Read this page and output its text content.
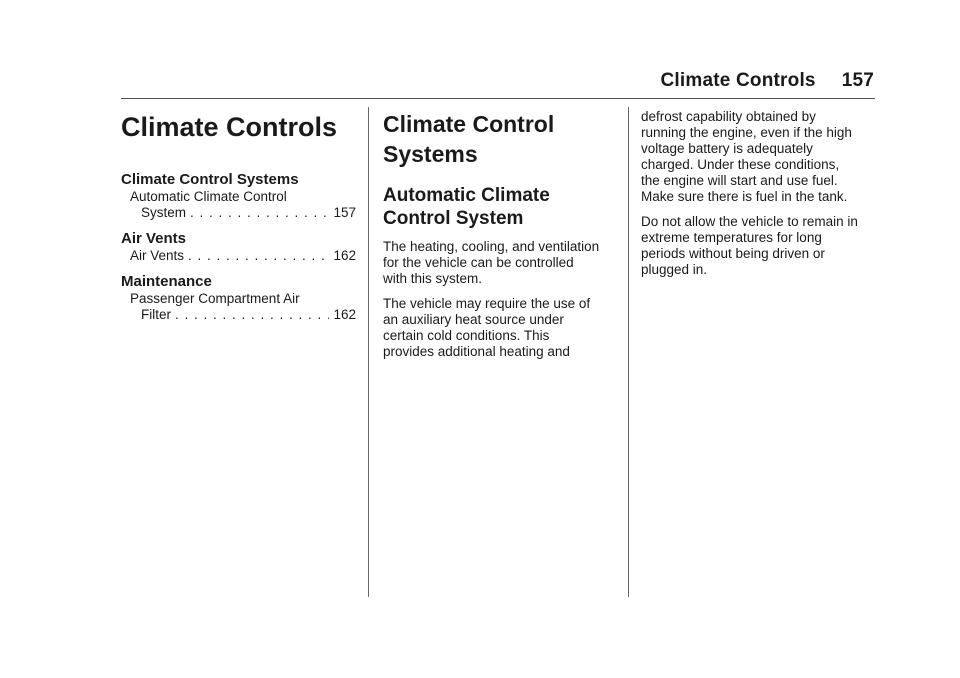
Climate Controls 157
Climate Controls
Climate Control Systems
Automatic Climate Control
System . . .	157
Air Vents
Air Vents . . .	162
Maintenance
Passenger Compartment Air
Filter . . .	162
Climate Control
Systems
Automatic Climate
Control System
The heating, cooling, and ventilation
for the vehicle can be controlled
with this system.
The vehicle may require the use of
an auxiliary heat source under
certain cold conditions. This
provides additional heating and
defrost capability obtained by
running the engine, even if the high
voltage battery is adequately
charged. Under these conditions,
the engine will start and use fuel.
Make sure there is fuel in the tank.
Do not allow the vehicle to remain in
extreme temperatures for long
periods without being driven or
plugged in.
